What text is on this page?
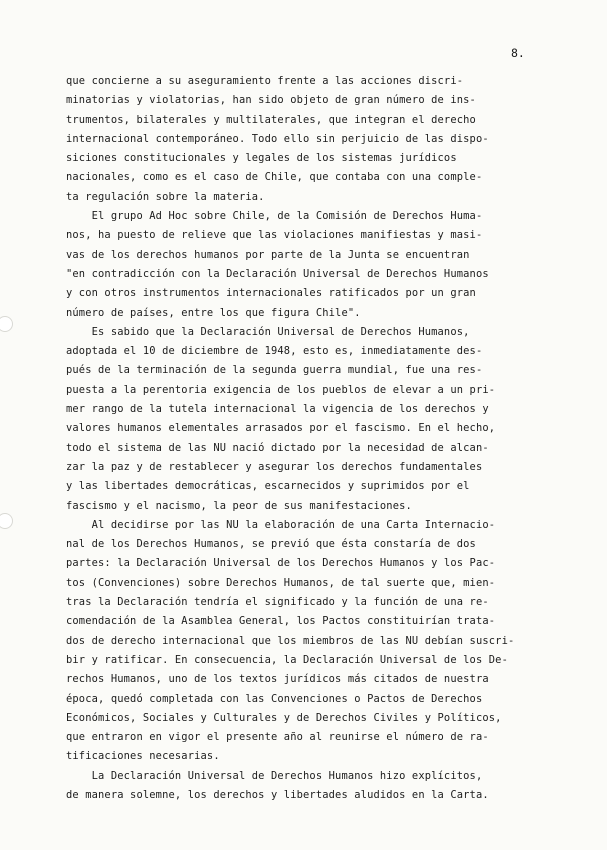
8.
que concierne a su aseguramiento frente a las acciones discri-
minatorias y violatorias, han sido objeto de gran número de ins-
trumentos, bilaterales y multilaterales, que integran el derecho
internacional contemporáneo. Todo ello sin perjuicio de las dispo-
siciones constitucionales y legales de los sistemas jurídicos
nacionales, como es el caso de Chile, que contaba con una comple-
ta regulación sobre la materia.
El grupo Ad Hoc sobre Chile, de la Comisión de Derechos Huma-
nos, ha puesto de relieve que las violaciones manifiestas y masi-
vas de los derechos humanos por parte de la Junta se encuentran
"en contradicción con la Declaración Universal de Derechos Humanos
y con otros instrumentos internacionales ratificados por un gran
número de países, entre los que figura Chile".
Es sabido que la Declaración Universal de Derechos Humanos,
adoptada el 10 de diciembre de 1948, esto es, inmediatamente des-
pués de la terminación de la segunda guerra mundial, fue una res-
puesta a la perentoria exigencia de los pueblos de elevar a un pri-
mer rango de la tutela internacional la vigencia de los derechos y
valores humanos elementales arrasados por el fascismo. En el hecho,
todo el sistema de las NU nació dictado por la necesidad de alcan-
zar la paz y de restablecer y asegurar los derechos fundamentales
y las libertades democráticas, escarnecidos y suprimidos por el
fascismo y el nacismo, la peor de sus manifestaciones.
Al decidirse por las NU la elaboración de una Carta Internacio-
nal de los Derechos Humanos, se previó que ésta constaría de dos
partes: la Declaración Universal de los Derechos Humanos y los Pac-
tos (Convenciones) sobre Derechos Humanos, de tal suerte que, mien-
tras la Declaración tendría el significado y la función de una re-
comendación de la Asamblea General, los Pactos constituirían trata-
dos de derecho internacional que los miembros de las NU debían suscri-
bir y ratificar. En consecuencia, la Declaración Universal de los De-
rechos Humanos, uno de los textos jurídicos más citados de nuestra
época, quedó completada con las Convenciones o Pactos de Derechos
Económicos, Sociales y Culturales y de Derechos Civiles y Políticos,
que entraron en vigor el presente año al reunirse el número de ra-
tificaciones necesarias.
La Declaración Universal de Derechos Humanos hizo explícitos,
de manera solemne, los derechos y libertades aludidos en la Carta.
